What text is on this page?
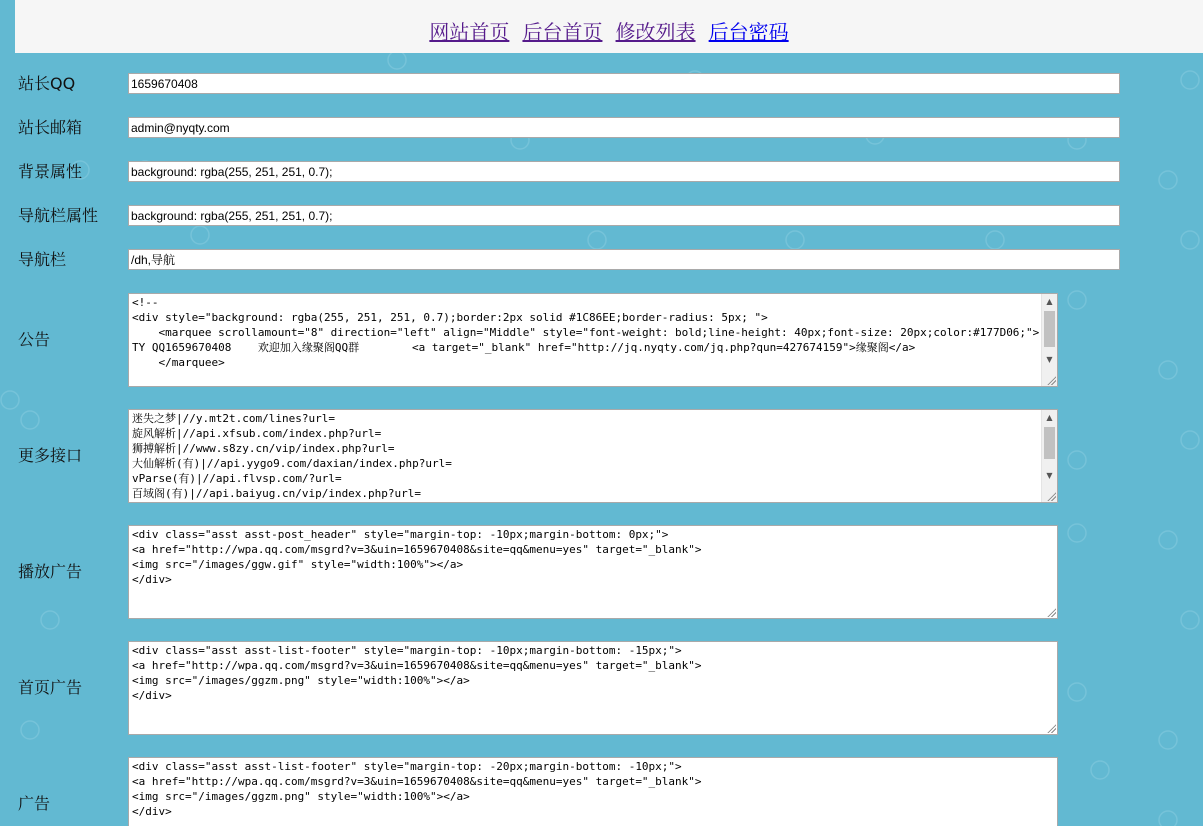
网站首页 后台首页 修改列表 后台密码
站长QQ
1659670408
站长邮箱
admin@nyqty.com
背景属性
background: rgba(255, 251, 251, 0.7);
导航栏属性
background: rgba(255, 251, 251, 0.7);
导航栏
/dh,导航
公告

<!--
<div style="background: rgba(255, 251, 251, 0.7);border:2px solid #1C86EE;border-radius: 5px; ">
<marquee scrollamount="8" direction="left" align="Middle" style="font-weight: bold;line-height: 40px;font-size: 20px;color:#177D06;"> TY QQ1659670408    欢迎加入缘聚阁QQ群        <a target="_blank" href="http://jq.nyqty.com/jq.php?qun=427674159">缘聚阁</a>
</marquee>

▲

▼

更多接口

迷失之梦|//y.mt2t.com/lines?url=
旋风解析|//api.xfsub.com/index.php?url=
狮搏解析|//www.s8zy.cn/vip/index.php?url=
大仙解析(有)|//api.yygo9.com/daxian/index.php?url=
vParse(有)|//api.flvsp.com/?url=
百域阁(有)|//api.baiyug.cn/vip/index.php?url=

▲

▼

播放广告

<div class="asst asst-post_header" style="margin-top: -10px;margin-bottom: 0px;">
<a href="http://wpa.qq.com/msgrd?v=3&uin=1659670408&site=qq&menu=yes" target="_blank">
<img src="/images/ggw.gif" style="width:100%"></a>
</div>

首页广告

<div class="asst asst-list-footer" style="margin-top: -10px;margin-bottom: -15px;">
<a href="http://wpa.qq.com/msgrd?v=3&uin=1659670408&site=qq&menu=yes" target="_blank">
<img src="/images/ggzm.png" style="width:100%"></a>
</div>

广告

<div class="asst asst-list-footer" style="margin-top: -20px;margin-bottom: -10px;">
<a href="http://wpa.qq.com/msgrd?v=3&uin=1659670408&site=qq&menu=yes" target="_blank">
<img src="/images/ggzm.png" style="width:100%"></a>
</div>
